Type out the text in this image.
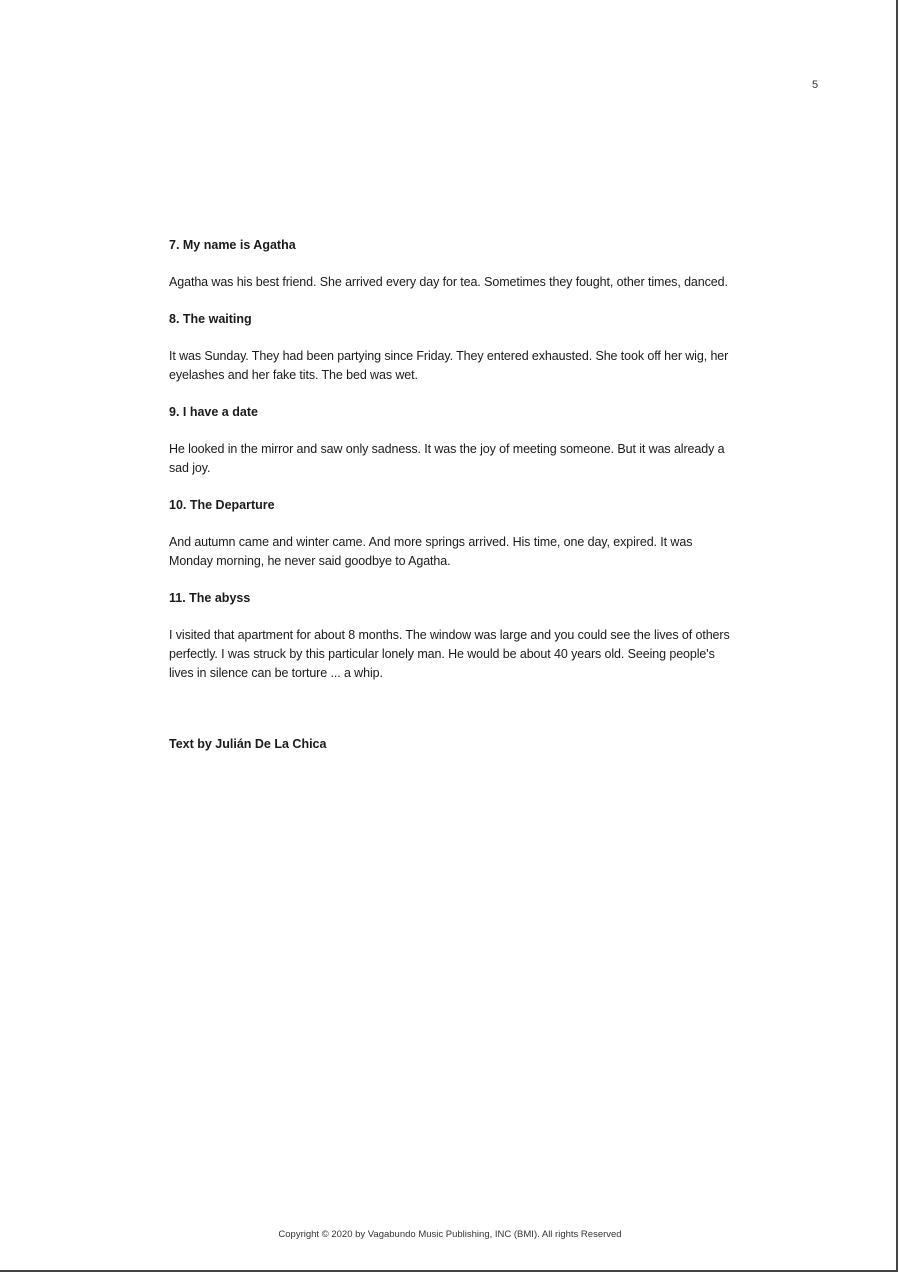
5

7. My name is Agatha

Agatha was his best friend. She arrived every day for tea. Sometimes they fought, other times, danced.

8. The waiting

It was Sunday. They had been partying since Friday. They entered exhausted. She took off her wig, her eyelashes and her fake tits. The bed was wet.

9. I have a date

He looked in the mirror and saw only sadness. It was the joy of meeting someone. But it was already a sad joy.

10. The Departure

And autumn came and winter came. And more springs arrived. His time, one day, expired. It was Monday morning, he never said goodbye to Agatha.

11. The abyss

I visited that apartment for about 8 months. The window was large and you could see the lives of others perfectly. I was struck by this particular lonely man. He would be about 40 years old. Seeing people's lives in silence can be torture ... a whip.

Text by Julián De La Chica
Copyright © 2020 by Vagabundo Music Publishing, INC (BMI). All rights Reserved
